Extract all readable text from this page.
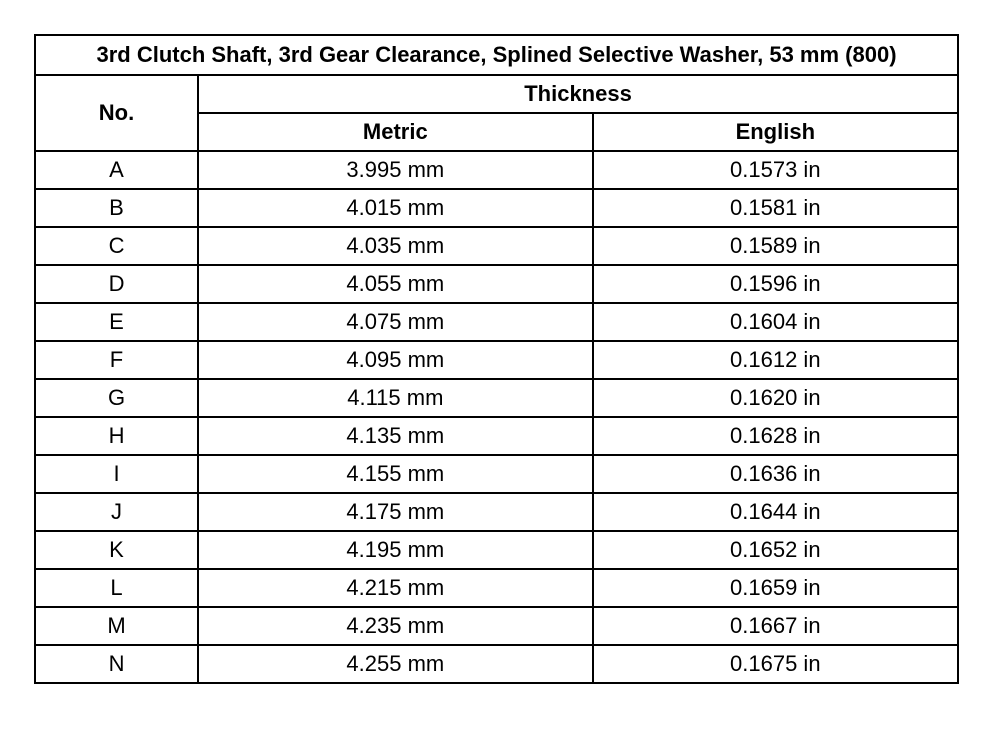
3rd Clutch Shaft, 3rd Gear Clearance, Splined Selective Washer, 53 mm (800)		
No.	Thickness	
	Metric	English
A	3.995 mm	0.1573 in
B	4.015 mm	0.1581 in
C	4.035 mm	0.1589 in
D	4.055 mm	0.1596 in
E	4.075 mm	0.1604 in
F	4.095 mm	0.1612 in
G	4.115 mm	0.1620 in
H	4.135 mm	0.1628 in
I	4.155 mm	0.1636 in
J	4.175 mm	0.1644 in
K	4.195 mm	0.1652 in
L	4.215 mm	0.1659 in
M	4.235 mm	0.1667 in
N	4.255 mm	0.1675 in
